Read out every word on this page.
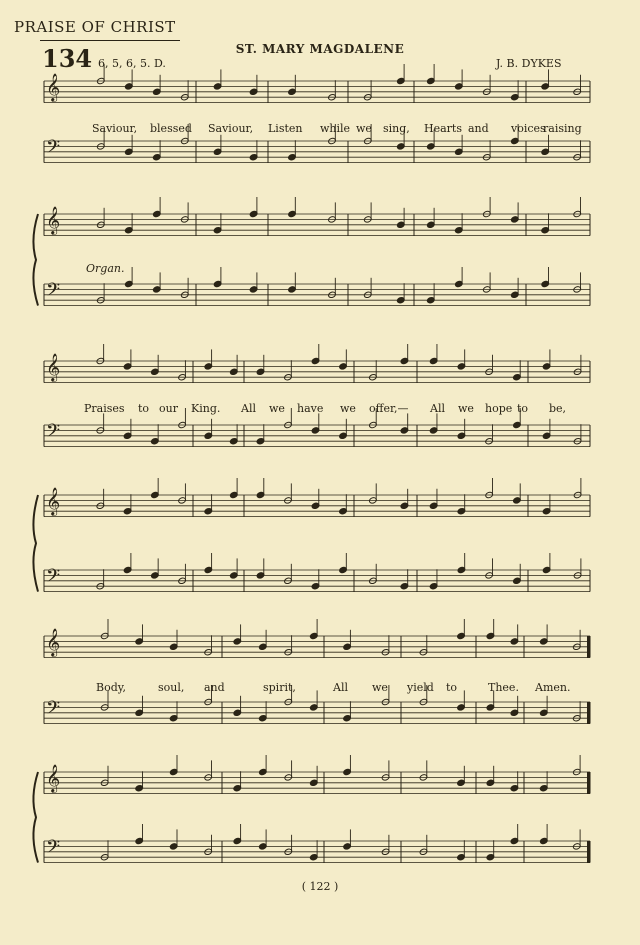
PRAISE OF CHRIST
134 6, 5, 6, 5. D.
ST. MARY MAGDALENE
J. B. DYKES
Organ.
𝄞
𝄢
𝄞
𝄢
𝄞
𝄢
𝄞
𝄢
𝄞
𝄢
𝄞
𝄢
Saviour, blessed Saviour, Listen while we sing, Hearts and voices
raising
Praises to our King. All we have we offer,— All we hope to be,
Body,	soul, and	spirit,	All we yield to	Thee. Amen.
( 122 )
